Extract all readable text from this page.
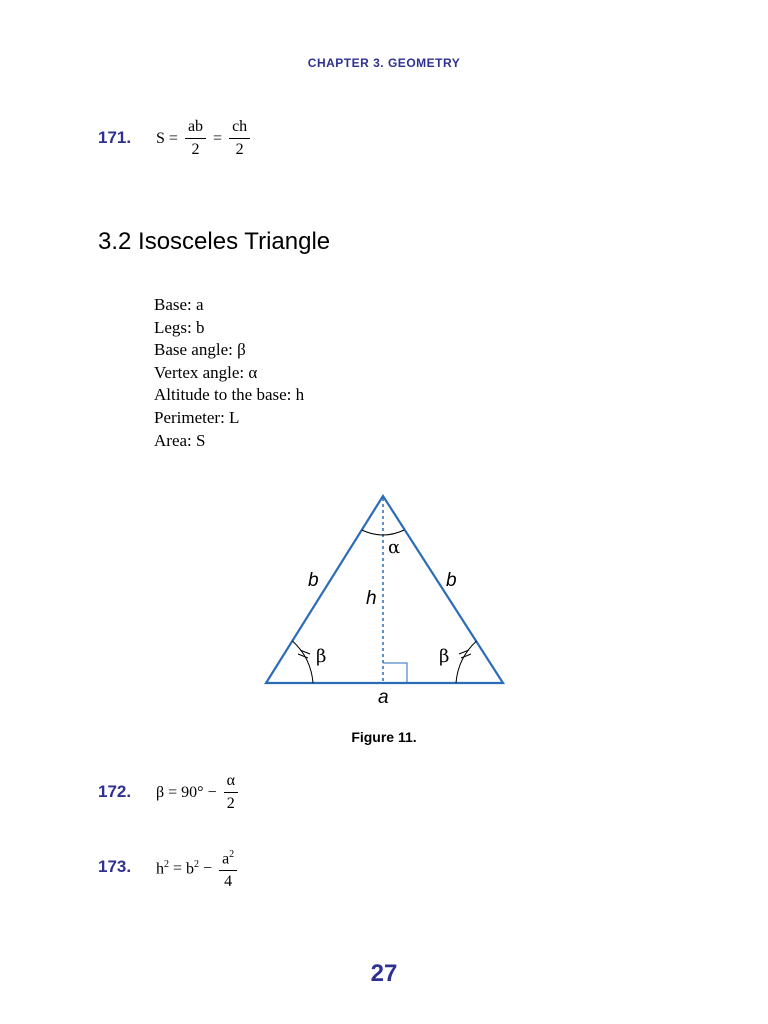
CHAPTER 3. GEOMETRY
171. $S = \frac{ab}{2} = \frac{ch}{2}$
3.2 Isosceles Triangle
Base: a
Legs: b
Base angle: β
Vertex angle: α
Altitude to the base: h
Perimeter: L
Area: S
α
b	b
h
β	β
a
Figure 11.
172. $\beta = 90^\circ - \frac{\alpha}{2}$
173. $h^2 = b^2 - \frac{a^2}{4}$
27
